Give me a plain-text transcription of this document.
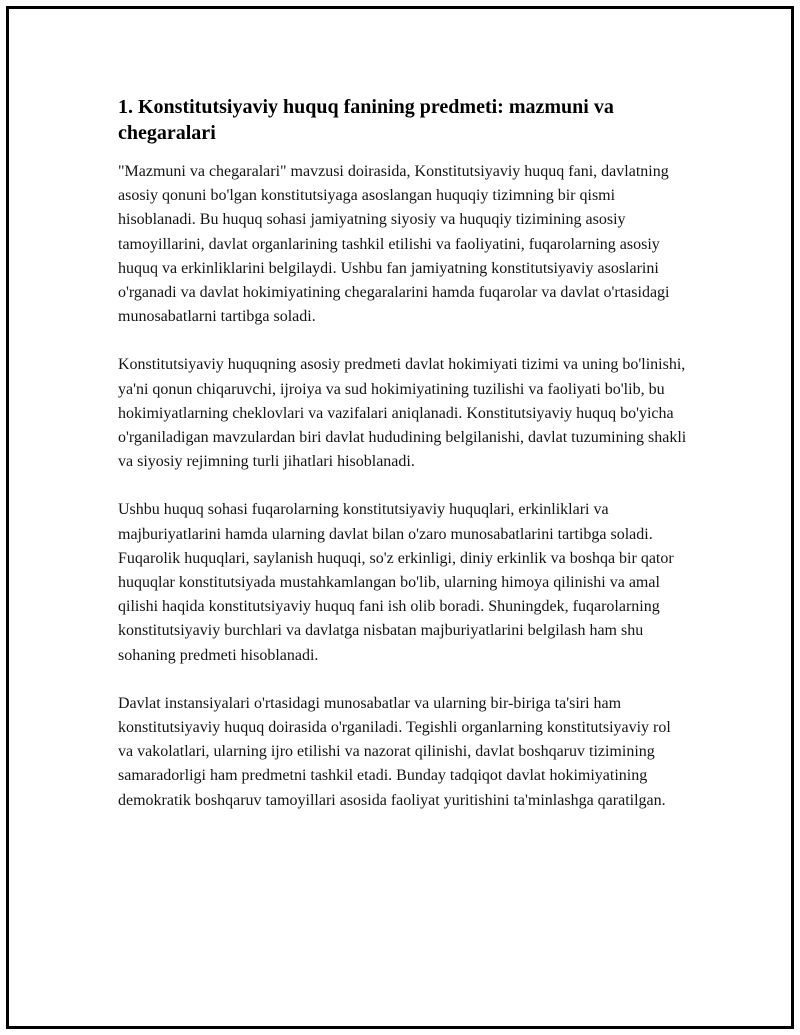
1. Konstitutsiyaviy huquq fanining predmeti: mazmuni va chegaralari

"Mazmuni va chegaralari" mavzusi doirasida, Konstitutsiyaviy huquq fani, davlatning asosiy qonuni bo'lgan konstitutsiyaga asoslangan huquqiy tizimning bir qismi hisoblanadi. Bu huquq sohasi jamiyatning siyosiy va huquqiy tizimining asosiy tamoyillarini, davlat organlarining tashkil etilishi va faoliyatini, fuqarolarning asosiy huquq va erkinliklarini belgilaydi. Ushbu fan jamiyatning konstitutsiyaviy asoslarini o'rganadi va davlat hokimiyatining chegaralarini hamda fuqarolar va davlat o'rtasidagi munosabatlarni tartibga soladi.

Konstitutsiyaviy huquqning asosiy predmeti davlat hokimiyati tizimi va uning bo'linishi, ya'ni qonun chiqaruvchi, ijroiya va sud hokimiyatining tuzilishi va faoliyati bo'lib, bu hokimiyatlarning cheklovlari va vazifalari aniqlanadi. Konstitutsiyaviy huquq bo'yicha o'rganiladigan mavzulardan biri davlat hududining belgilanishi, davlat tuzumining shakli va siyosiy rejimning turli jihatlari hisoblanadi.

Ushbu huquq sohasi fuqarolarning konstitutsiyaviy huquqlari, erkinliklari va majburiyatlarini hamda ularning davlat bilan o'zaro munosabatlarini tartibga soladi. Fuqarolik huquqlari, saylanish huquqi, so'z erkinligi, diniy erkinlik va boshqa bir qator huquqlar konstitutsiyada mustahkamlangan bo'lib, ularning himoya qilinishi va amal qilishi haqida konstitutsiyaviy huquq fani ish olib boradi. Shuningdek, fuqarolarning konstitutsiyaviy burchlari va davlatga nisbatan majburiyatlarini belgilash ham shu sohaning predmeti hisoblanadi.

Davlat instansiyalari o'rtasidagi munosabatlar va ularning bir-biriga ta'siri ham konstitutsiyaviy huquq doirasida o'rganiladi. Tegishli organlarning konstitutsiyaviy rol va vakolatlari, ularning ijro etilishi va nazorat qilinishi, davlat boshqaruv tizimining samaradorligi ham predmetni tashkil etadi. Bunday tadqiqot davlat hokimiyatining demokratik boshqaruv tamoyillari asosida faoliyat yuritishini ta'minlashga qaratilgan.
